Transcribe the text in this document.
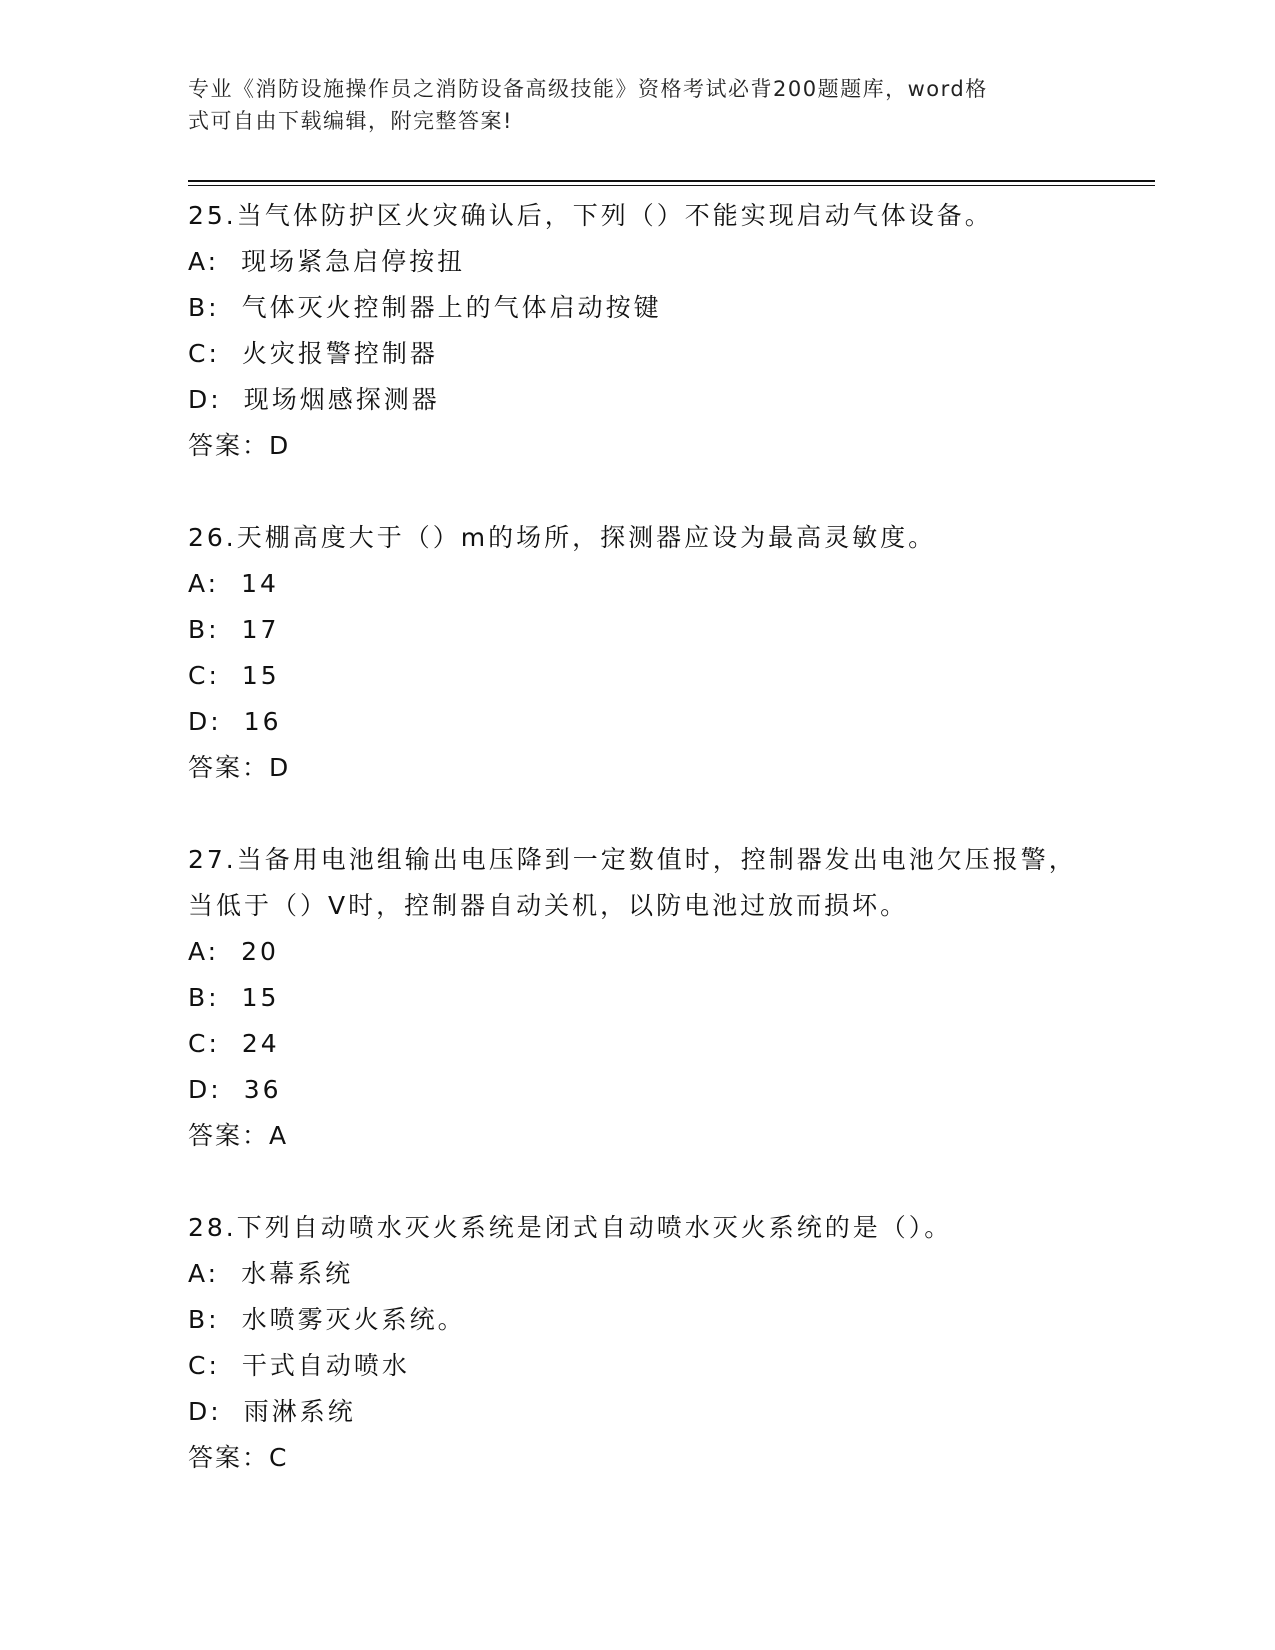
专业《消防设施操作员之消防设备高级技能》资格考试必背200题题库，word格
式可自由下载编辑，附完整答案!

25.当气体防护区火灾确认后，下列（）不能实现启动气体设备。

A: 现场紧急启停按扭

B: 气体灭火控制器上的气体启动按键

C: 火灾报警控制器

D: 现场烟感探测器

答案：D

26.天棚高度大于（）m的场所，探测器应设为最高灵敏度。

A: 14

B: 17

C: 15

D: 16

答案：D

27.当备用电池组输出电压降到一定数值时，控制器发出电池欠压报警，当低于（）V时，控制器自动关机，以防电池过放而损坏。

A: 20

B: 15

C: 24

D: 36

答案：A

28.下列自动喷水灭火系统是闭式自动喷水灭火系统的是（）。

A: 水幕系统

B: 水喷雾灭火系统。

C: 干式自动喷水

D: 雨淋系统

答案：C
